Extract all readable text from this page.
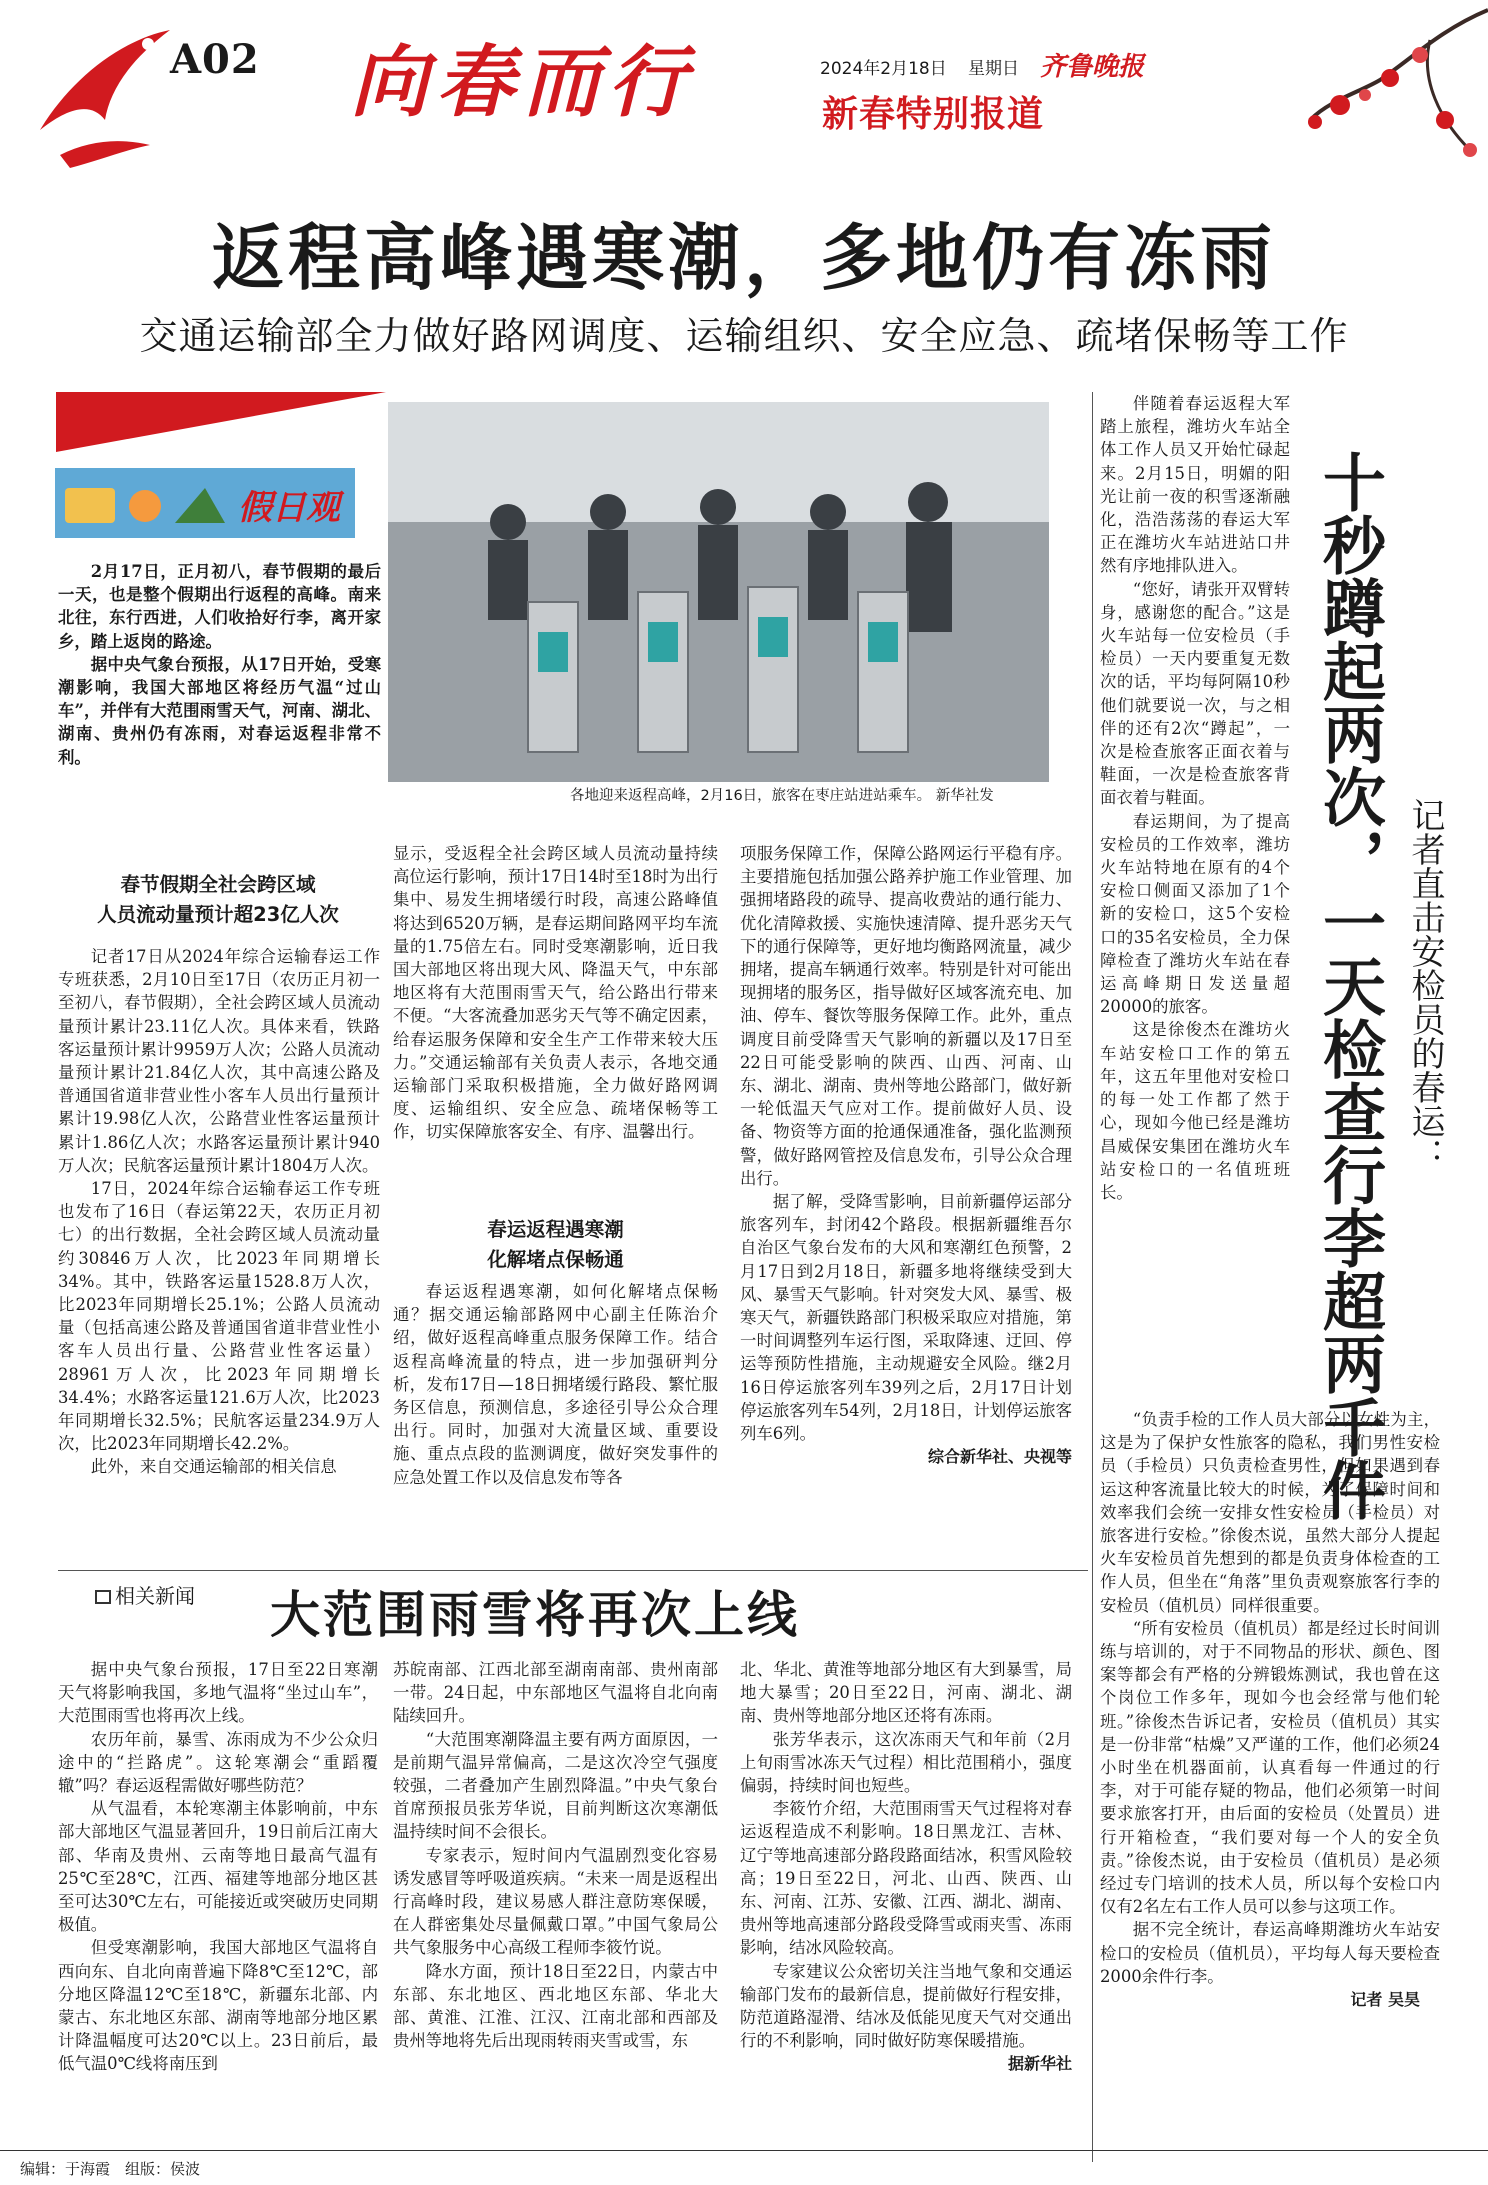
A02 向春而行	2024年2月18日 星期日 齐鲁晚报
新春特别报道
返程高峰遇寒潮，多地仍有冻雨
交通运输部全力做好路网调度、运输组织、安全应急、疏堵保畅等工作
假日观

2月17日，正月初八，春节假期的最后一天，也是整个假期出行返程的高峰。南来北往，东行西进，人们收拾好行李，离开家乡，踏上返岗的路途。

据中央气象台预报，从17日开始，受寒潮影响，我国大部地区将经历气温“过山车”，并伴有大范围雨雪天气，河南、湖北、湖南、贵州仍有冻雨，对春运返程非常不利。

各地迎来返程高峰，2月16日，旅客在枣庄站进站乘车。 新华社发
春节假期全社会跨区域
人员流动量预计超23亿人次

记者17日从2024年综合运输春运工作专班获悉，2月10日至17日（农历正月初一至初八，春节假期），全社会跨区域人员流动量预计累计23.11亿人次。具体来看，铁路客运量预计累计9959万人次；公路人员流动量预计累计21.84亿人次，其中高速公路及普通国省道非营业性小客车人员出行量预计累计19.98亿人次，公路营业性客运量预计累计1.86亿人次；水路客运量预计累计940万人次；民航客运量预计累计1804万人次。

17日，2024年综合运输春运工作专班也发布了16日（春运第22天，农历正月初七）的出行数据，全社会跨区域人员流动量约30846万人次，比2023年同期增长34%。其中，铁路客运量1528.8万人次，比2023年同期增长25.1%；公路人员流动量（包括高速公路及普通国省道非营业性小客车人员出行量、公路营业性客运量）28961万人次，比2023年同期增长34.4%；水路客运量121.6万人次，比2023年同期增长32.5%；民航客运量234.9万人次，比2023年同期增长42.2%。

此外，来自交通运输部的相关信息

显示，受返程全社会跨区域人员流动量持续高位运行影响，预计17日14时至18时为出行集中、易发生拥堵缓行时段，高速公路峰值将达到6520万辆，是春运期间路网平均车流量的1.75倍左右。同时受寒潮影响，近日我国大部地区将出现大风、降温天气，中东部地区将有大范围雨雪天气，给公路出行带来不便。“大客流叠加恶劣天气等不确定因素，给春运服务保障和安全生产工作带来较大压力。”交通运输部有关负责人表示，各地交通运输部门采取积极措施，全力做好路网调度、运输组织、安全应急、疏堵保畅等工作，切实保障旅客安全、有序、温馨出行。

春运返程遇寒潮
化解堵点保畅通

春运返程遇寒潮，如何化解堵点保畅通？据交通运输部路网中心副主任陈治介绍，做好返程高峰重点服务保障工作。结合返程高峰流量的特点，进一步加强研判分析，发布17日—18日拥堵缓行路段、繁忙服务区信息，预测信息，多途径引导公众合理出行。同时，加强对大流量区域、重要设施、重点点段的监测调度，做好突发事件的应急处置工作以及信息发布等各

项服务保障工作，保障公路网运行平稳有序。主要措施包括加强公路养护施工作业管理、加强拥堵路段的疏导、提高收费站的通行能力、优化清障救援、实施快速清障、提升恶劣天气下的通行保障等，更好地均衡路网流量，减少拥堵，提高车辆通行效率。特别是针对可能出现拥堵的服务区，指导做好区域客流充电、加油、停车、餐饮等服务保障工作。此外，重点调度目前受降雪天气影响的新疆以及17日至22日可能受影响的陕西、山西、河南、山东、湖北、湖南、贵州等地公路部门，做好新一轮低温天气应对工作。提前做好人员、设备、物资等方面的抢通保通准备，强化监测预警，做好路网管控及信息发布，引导公众合理出行。

据了解，受降雪影响，目前新疆停运部分旅客列车，封闭42个路段。根据新疆维吾尔自治区气象台发布的大风和寒潮红色预警，2月17日到2月18日，新疆多地将继续受到大风、暴雪天气影响。针对突发大风、暴雪、极寒天气，新疆铁路部门积极采取应对措施，第一时间调整列车运行图，采取降速、迂回、停运等预防性措施，主动规避安全风险。继2月16日停运旅客列车39列之后，2月17日计划停运旅客列车54列，2月18日，计划停运旅客列车6列。

综合新华社、央视等

伴随着春运返程大军踏上旅程，潍坊火车站全体工作人员又开始忙碌起来。2月15日，明媚的阳光让前一夜的积雪逐渐融化，浩浩荡荡的春运大军正在潍坊火车站进站口井然有序地排队进入。

“您好，请张开双臂转身，感谢您的配合。”这是火车站每一位安检员（手检员）一天内要重复无数次的话，平均每阿隔10秒他们就要说一次，与之相伴的还有2次“蹲起”，一次是检查旅客正面衣着与鞋面，一次是检查旅客背面衣着与鞋面。

春运期间，为了提高安检员的工作效率，潍坊火车站特地在原有的4个安检口侧面又添加了1个新的安检口，这5个安检口的35名安检员，全力保障检查了潍坊火车站在春运高峰期日发送量超20000的旅客。

这是徐俊杰在潍坊火车站安检口工作的第五年，这五年里他对安检口的每一处工作都了然于心，现如今他已经是潍坊昌威保安集团在潍坊火车站安检口的一名值班班长。	十秒蹲起两次，一天检查行李超两千件 记者直击安检员的春运：

“负责手检的工作人员大部分以女性为主，这是为了保护女性旅客的隐私，我们男性安检员（手检员）只负责检查男性，但如果遇到春运这种客流量比较大的时候，为了保障时间和效率我们会统一安排女性安检员（手检员）对旅客进行安检。”徐俊杰说，虽然大部分人提起火车安检员首先想到的都是负责身体检查的工作人员，但坐在“角落”里负责观察旅客行李的安检员（值机员）同样很重要。

“所有安检员（值机员）都是经过长时间训练与培训的，对于不同物品的形状、颜色、图案等都会有严格的分辨锻炼测试，我也曾在这个岗位工作多年，现如今也会经常与他们轮班。”徐俊杰告诉记者，安检员（值机员）其实是一份非常“枯燥”又严谨的工作，他们必须24小时坐在机器面前，认真看每一件通过的行李，对于可能存疑的物品，他们必须第一时间要求旅客打开，由后面的安检员（处置员）进行开箱检查，“我们要对每一个人的安全负责。”徐俊杰说，由于安检员（值机员）是必须经过专门培训的技术人员，所以每个安检口内仅有2名左右工作人员可以参与这项工作。

据不完全统计，春运高峰期潍坊火车站安检口的安检员（值机员），平均每人每天要检查2000余件行李。

记者 吴昊
相关新闻 大范围雨雪将再次上线

据中央气象台预报，17日至22日寒潮天气将影响我国，多地气温将“坐过山车”，大范围雨雪也将再次上线。

农历年前，暴雪、冻雨成为不少公众归途中的“拦路虎”。这轮寒潮会“重蹈覆辙”吗？春运返程需做好哪些防范？

从气温看，本轮寒潮主体影响前，中东部大部地区气温显著回升，19日前后江南大部、华南及贵州、云南等地日最高气温有25℃至28℃，江西、福建等地部分地区甚至可达30℃左右，可能接近或突破历史同期极值。

但受寒潮影响，我国大部地区气温将自西向东、自北向南普遍下降8℃至12℃，部分地区降温12℃至18℃，新疆东北部、内蒙古、东北地区东部、湖南等地部分地区累计降温幅度可达20℃以上。23日前后，最低气温0℃线将南压到

苏皖南部、江西北部至湖南南部、贵州南部一带。24日起，中东部地区气温将自北向南陆续回升。

“大范围寒潮降温主要有两方面原因，一是前期气温异常偏高，二是这次冷空气强度较强，二者叠加产生剧烈降温。”中央气象台首席预报员张芳华说，目前判断这次寒潮低温持续时间不会很长。

专家表示，短时间内气温剧烈变化容易诱发感冒等呼吸道疾病。“未来一周是返程出行高峰时段，建议易感人群注意防寒保暖，在人群密集处尽量佩戴口罩。”中国气象局公共气象服务中心高级工程师李筱竹说。

降水方面，预计18日至22日，内蒙古中东部、东北地区、西北地区东部、华北大部、黄淮、江淮、江汉、江南北部和西部及贵州等地将先后出现雨转雨夹雪或雪，东

北、华北、黄淮等地部分地区有大到暴雪，局地大暴雪；20日至22日，河南、湖北、湖南、贵州等地部分地区还将有冻雨。

张芳华表示，这次冻雨天气和年前（2月上旬雨雪冰冻天气过程）相比范围稍小，强度偏弱，持续时间也短些。

李筱竹介绍，大范围雨雪天气过程将对春运返程造成不利影响。18日黑龙江、吉林、辽宁等地高速部分路段路面结冰，积雪风险较高；19日至22日，河北、山西、陕西、山东、河南、江苏、安徽、江西、湖北、湖南、贵州等地高速部分路段受降雪或雨夹雪、冻雨影响，结冰风险较高。

专家建议公众密切关注当地气象和交通运输部门发布的最新信息，提前做好行程安排，防范道路湿滑、结冰及低能见度天气对交通出行的不利影响，同时做好防寒保暖措施。

据新华社
编辑：于海霞　组版：侯波
